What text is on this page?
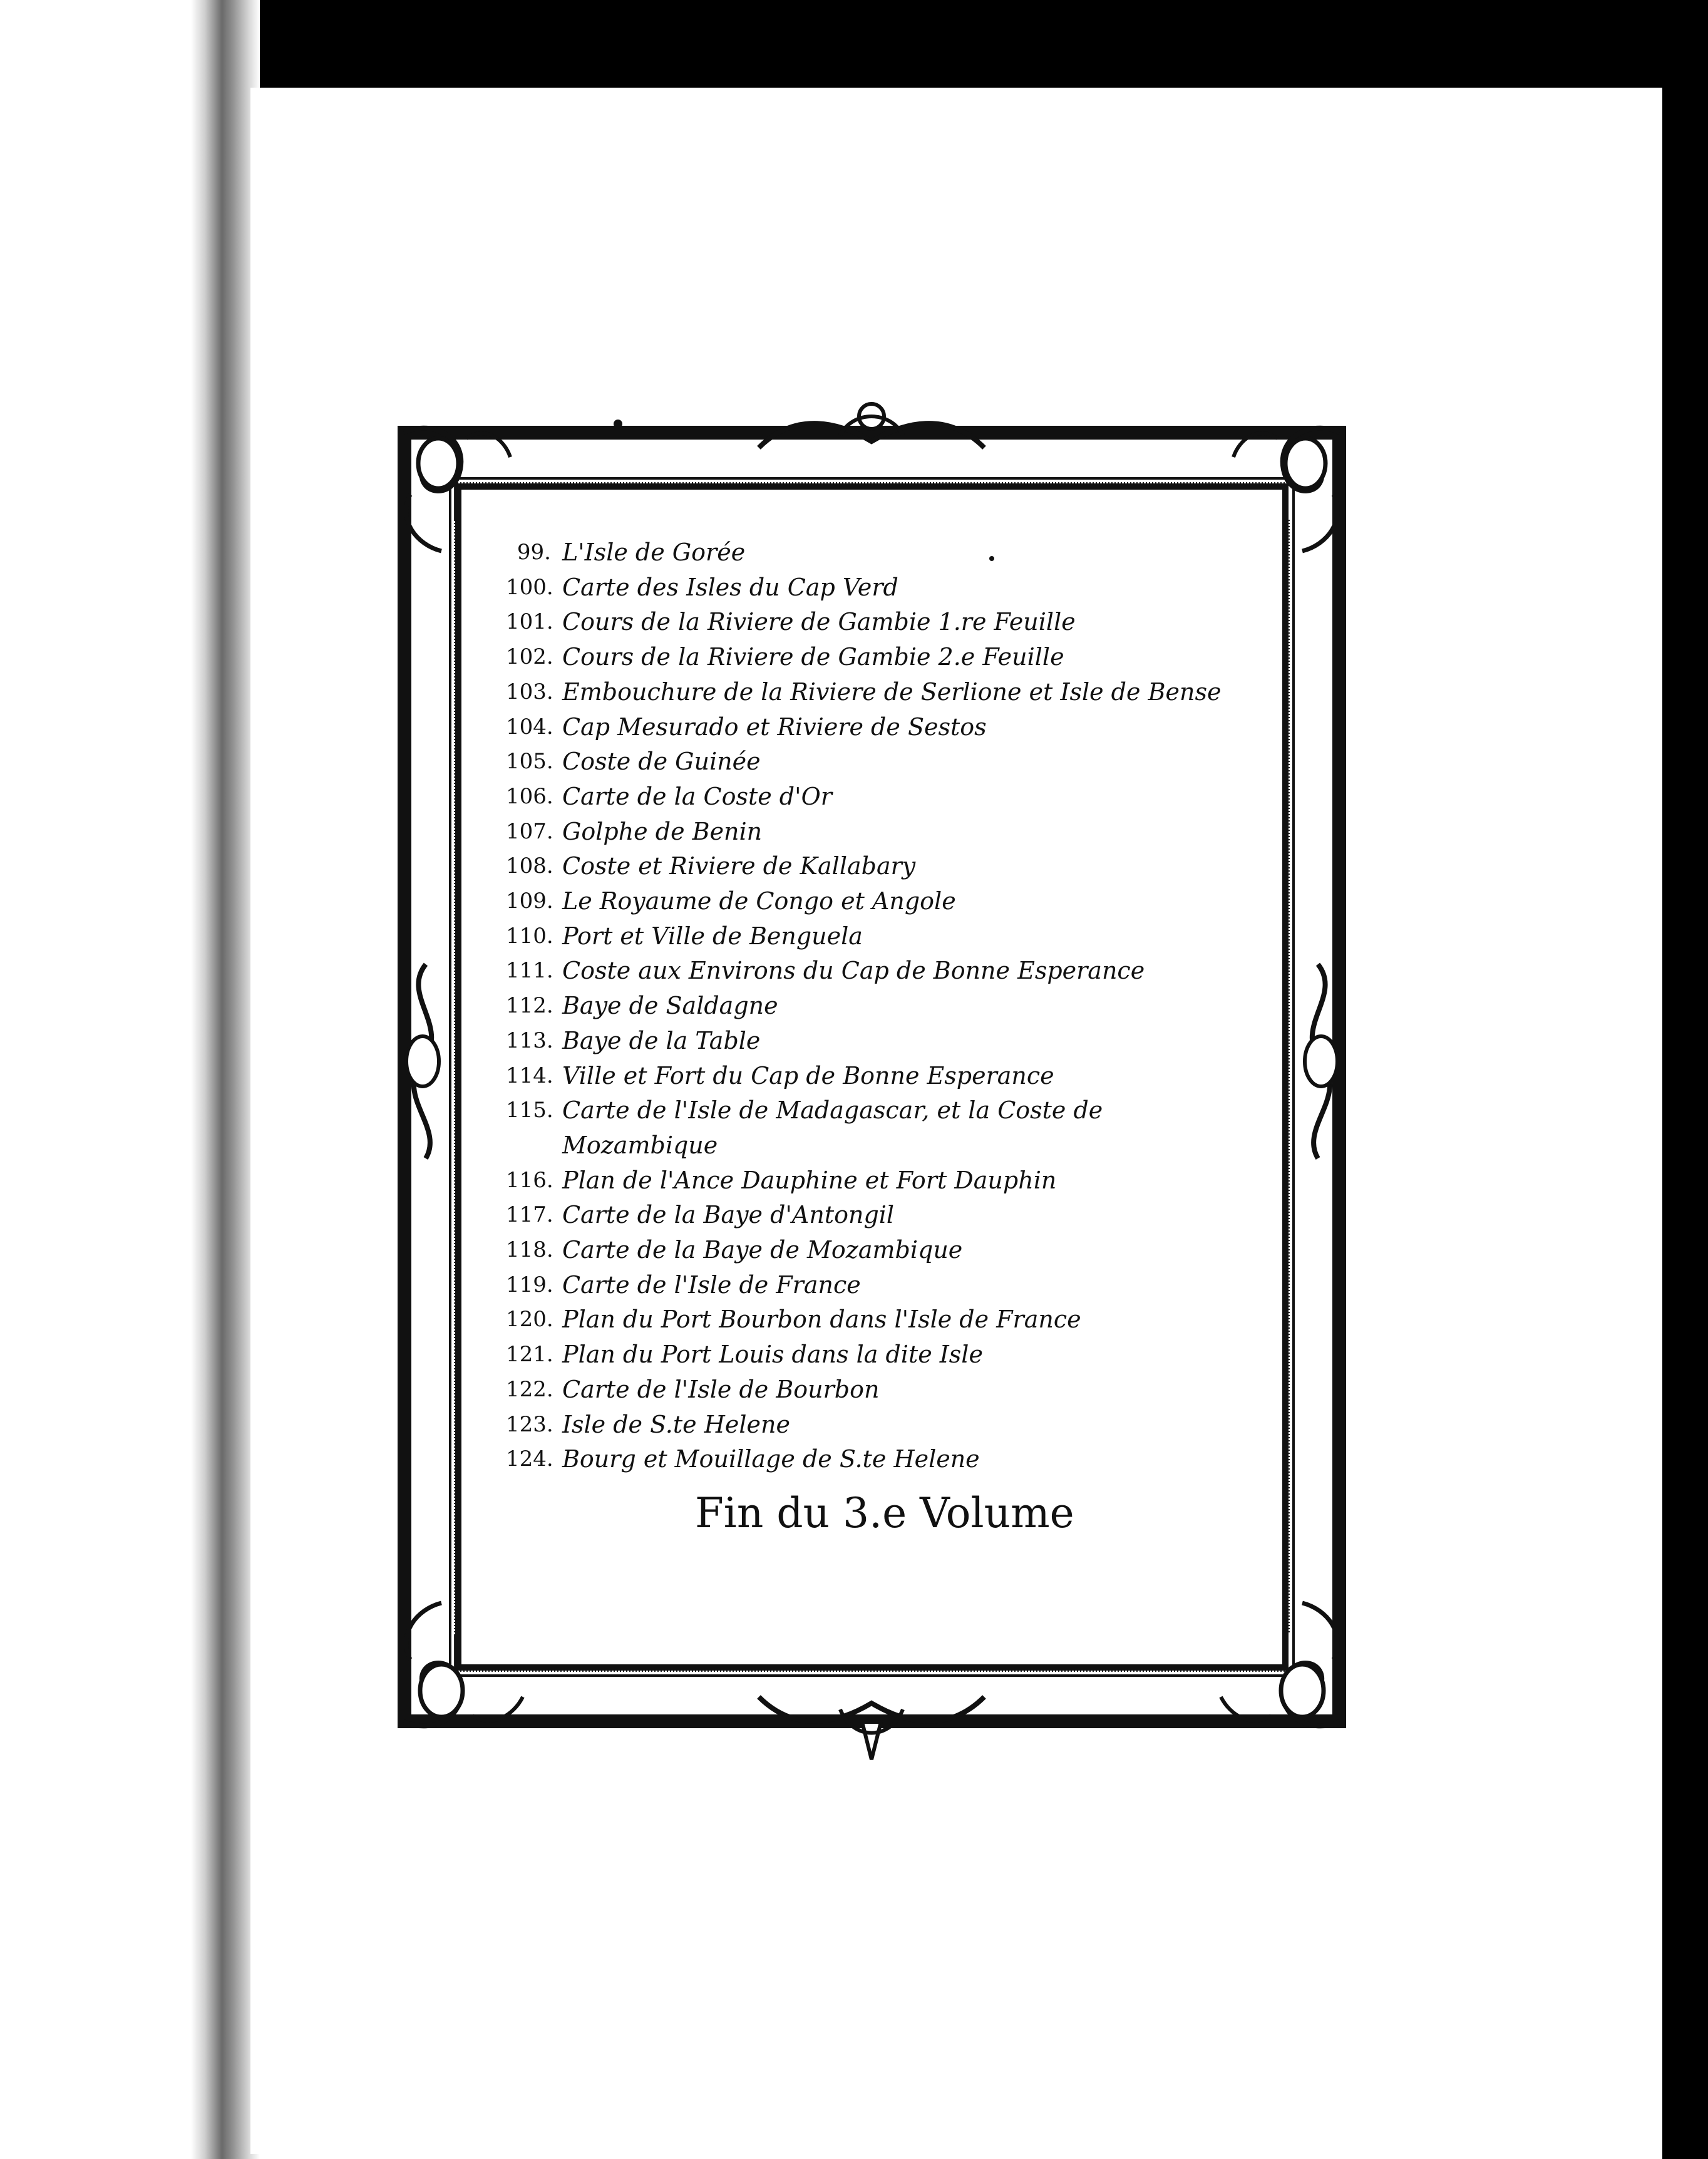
99. L'Isle de Gorée
100. Carte des Isles du Cap Verd
101. Cours de la Riviere de Gambie 1.re Feuille
102. Cours de la Riviere de Gambie 2.e Feuille
103. Embouchure de la Riviere de Serlione et Isle de Bense
104. Cap Mesurado et Riviere de Sestos
105. Coste de Guinée
106. Carte de la Coste d'Or
107. Golphe de Benin
108. Coste et Riviere de Kallabary
109. Le Royaume de Congo et Angole
110. Port et Ville de Benguela
111. Coste aux Environs du Cap de Bonne Esperance
112. Baye de Saldagne
113. Baye de la Table
114. Ville et Fort du Cap de Bonne Esperance
115. Carte de l'Isle de Madagascar, et la Coste de
Mozambique
116. Plan de l'Ance Dauphine et Fort Dauphin
117. Carte de la Baye d'Antongil
118. Carte de la Baye de Mozambique
119. Carte de l'Isle de France
120. Plan du Port Bourbon dans l'Isle de France
121. Plan du Port Louis dans la dite Isle
122. Carte de l'Isle de Bourbon
123. Isle de S.te Helene
124. Bourg et Mouillage de S.te Helene
Fin du 3.e Volume
